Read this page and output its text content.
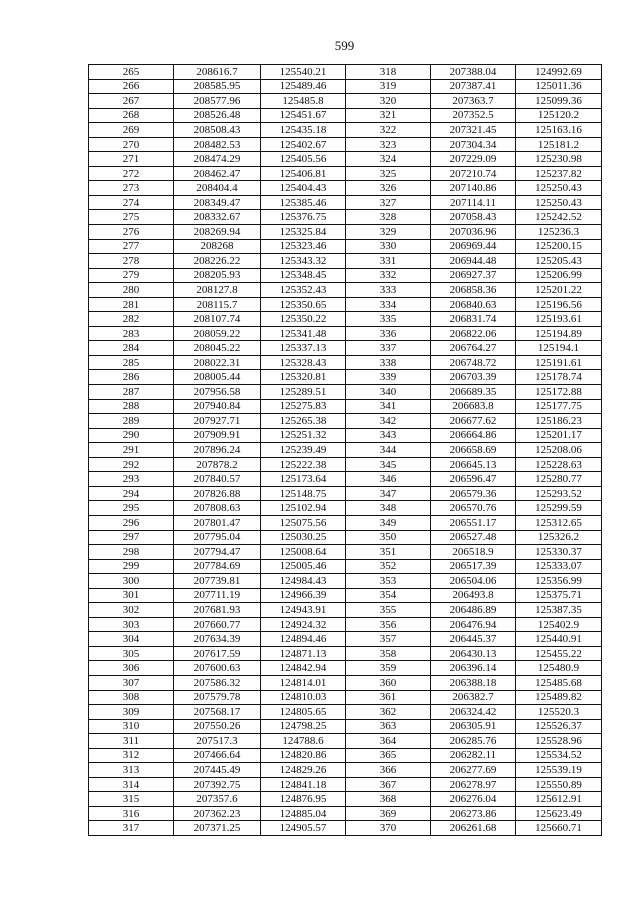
599
265	208616.7	125540.21	318	207388.04	124992.69
266	208585.95	125489.46	319	207387.41	125011.36
267	208577.96	125485.8	320	207363.7	125099.36
268	208526.48	125451.67	321	207352.5	125120.2
269	208508.43	125435.18	322	207321.45	125163.16
270	208482.53	125402.67	323	207304.34	125181.2
271	208474.29	125405.56	324	207229.09	125230.98
272	208462.47	125406.81	325	207210.74	125237.82
273	208404.4	125404.43	326	207140.86	125250.43
274	208349.47	125385.46	327	207114.11	125250.43
275	208332.67	125376.75	328	207058.43	125242.52
276	208269.94	125325.84	329	207036.96	125236.3
277	208268	125323.46	330	206969.44	125200.15
278	208226.22	125343.32	331	206944.48	125205.43
279	208205.93	125348.45	332	206927.37	125206.99
280	208127.8	125352.43	333	206858.36	125201.22
281	208115.7	125350.65	334	206840.63	125196.56
282	208107.74	125350.22	335	206831.74	125193.61
283	208059.22	125341.48	336	206822.06	125194.89
284	208045.22	125337.13	337	206764.27	125194.1
285	208022.31	125328.43	338	206748.72	125191.61
286	208005.44	125320.81	339	206703.39	125178.74
287	207956.58	125289.51	340	206689.35	125172.88
288	207940.84	125275.83	341	206683.8	125177.75
289	207927.71	125265.38	342	206677.62	125186.23
290	207909.91	125251.32	343	206664.86	125201.17
291	207896.24	125239.49	344	206658.69	125208.06
292	207878.2	125222.38	345	206645.13	125228.63
293	207840.57	125173.64	346	206596.47	125280.77
294	207826.88	125148.75	347	206579.36	125293.52
295	207808.63	125102.94	348	206570.76	125299.59
296	207801.47	125075.56	349	206551.17	125312.65
297	207795.04	125030.25	350	206527.48	125326.2
298	207794.47	125008.64	351	206518.9	125330.37
299	207784.69	125005.46	352	206517.39	125333.07
300	207739.81	124984.43	353	206504.06	125356.99
301	207711.19	124966.39	354	206493.8	125375.71
302	207681.93	124943.91	355	206486.89	125387.35
303	207660.77	124924.32	356	206476.94	125402.9
304	207634.39	124894.46	357	206445.37	125440.91
305	207617.59	124871.13	358	206430.13	125455.22
306	207600.63	124842.94	359	206396.14	125480.9
307	207586.32	124814.01	360	206388.18	125485.68
308	207579.78	124810.03	361	206382.7	125489.82
309	207568.17	124805.65	362	206324.42	125520.3
310	207550.26	124798.25	363	206305.91	125526.37
311	207517.3	124788.6	364	206285.76	125528.96
312	207466.64	124820.86	365	206282.11	125534.52
313	207445.49	124829.26	366	206277.69	125539.19
314	207392.75	124841.18	367	206278.97	125550.89
315	207357.6	124876.95	368	206276.04	125612.91
316	207362.23	124885.04	369	206273.86	125623.49
317	207371.25	124905.57	370	206261.68	125660.71
